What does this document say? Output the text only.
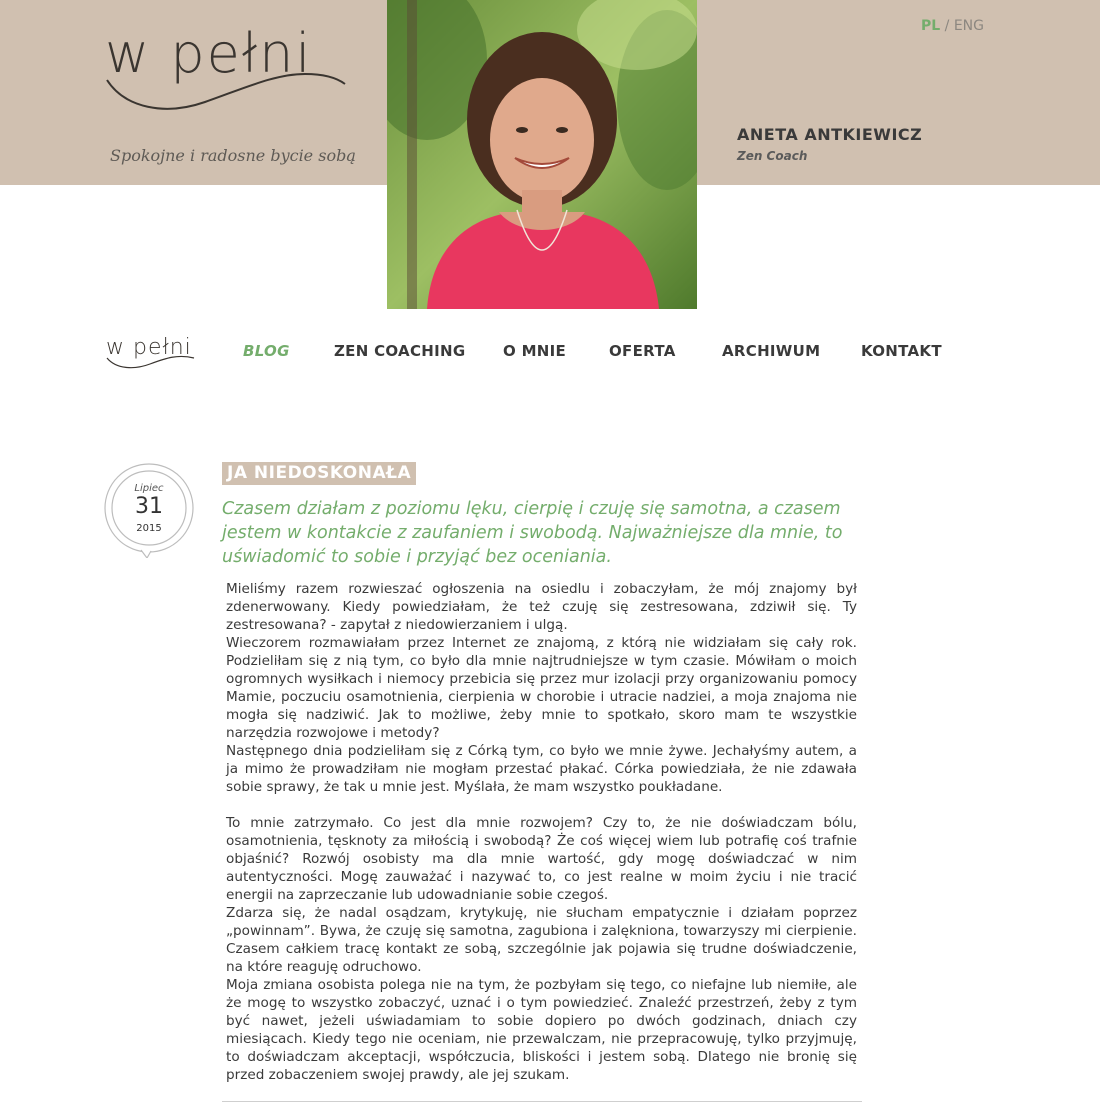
w pełni
Spokojne i radosne bycie sobą
PL / ENG
ANETA ANTKIEWICZ
Zen Coach
w pełni	BLOG	ZEN COACHING	O MNIE	OFERTA	ARCHIWUM	KONTAKT
Lipiec
31
2015
JA NIEDOSKONAŁA
Czasem działam z poziomu lęku, cierpię i czuję się samotna, a czasem jestem w kontakcie z zaufaniem i swobodą. Najważniejsze dla mnie, to uświadomić to sobie i przyjąć bez oceniania.

Mieliśmy razem rozwieszać ogłoszenia na osiedlu i zobaczyłam, że mój znajomy był zdenerwowany. Kiedy powiedziałam, że też czuję się zestresowana, zdziwił się. Ty zestresowana? - zapytał z niedowierzaniem i ulgą.

Wieczorem rozmawiałam przez Internet ze znajomą, z którą nie widziałam się cały rok. Podzieliłam się z nią tym, co było dla mnie najtrudniejsze w tym czasie. Mówiłam o moich ogromnych wysiłkach i niemocy przebicia się przez mur izolacji przy organizowaniu pomocy Mamie, poczuciu osamotnienia, cierpienia w chorobie i utracie nadziei, a moja znajoma nie mogła się nadziwić. Jak to możliwe, żeby mnie to spotkało, skoro mam te wszystkie narzędzia rozwojowe i metody?

Następnego dnia podzieliłam się z Córką tym, co było we mnie żywe. Jechałyśmy autem, a ja mimo że prowadziłam nie mogłam przestać płakać. Córka powiedziała, że nie zdawała sobie sprawy, że tak u mnie jest. Myślała, że mam wszystko poukładane.

To mnie zatrzymało. Co jest dla mnie rozwojem? Czy to, że nie doświadczam bólu, osamotnienia, tęsknoty za miłością i swobodą? Że coś więcej wiem lub potrafię coś trafnie objaśnić? Rozwój osobisty ma dla mnie wartość, gdy mogę doświadczać w nim autentyczności. Mogę zauważać i nazywać to, co jest realne w moim życiu i nie tracić energii na zaprzeczanie lub udowadnianie sobie czegoś.

Zdarza się, że nadal osądzam, krytykuję, nie słucham empatycznie i działam poprzez „powinnam”. Bywa, że czuję się samotna, zagubiona i zalękniona, towarzyszy mi cierpienie. Czasem całkiem tracę kontakt ze sobą, szczególnie jak pojawia się trudne doświadczenie, na które reaguję odruchowo.

Moja zmiana osobista polega nie na tym, że pozbyłam się tego, co niefajne lub niemiłe, ale że mogę to wszystko zobaczyć, uznać i o tym powiedzieć. Znaleźć przestrzeń, żeby z tym być nawet, jeżeli uświadamiam to sobie dopiero po dwóch godzinach, dniach czy miesiącach. Kiedy tego nie oceniam, nie przewalczam, nie przepracowuję, tylko przyjmuję, to doświadczam akceptacji, współczucia, bliskości i jestem sobą. Dlatego nie bronię się przed zobaczeniem swojej prawdy, ale jej szukam.
